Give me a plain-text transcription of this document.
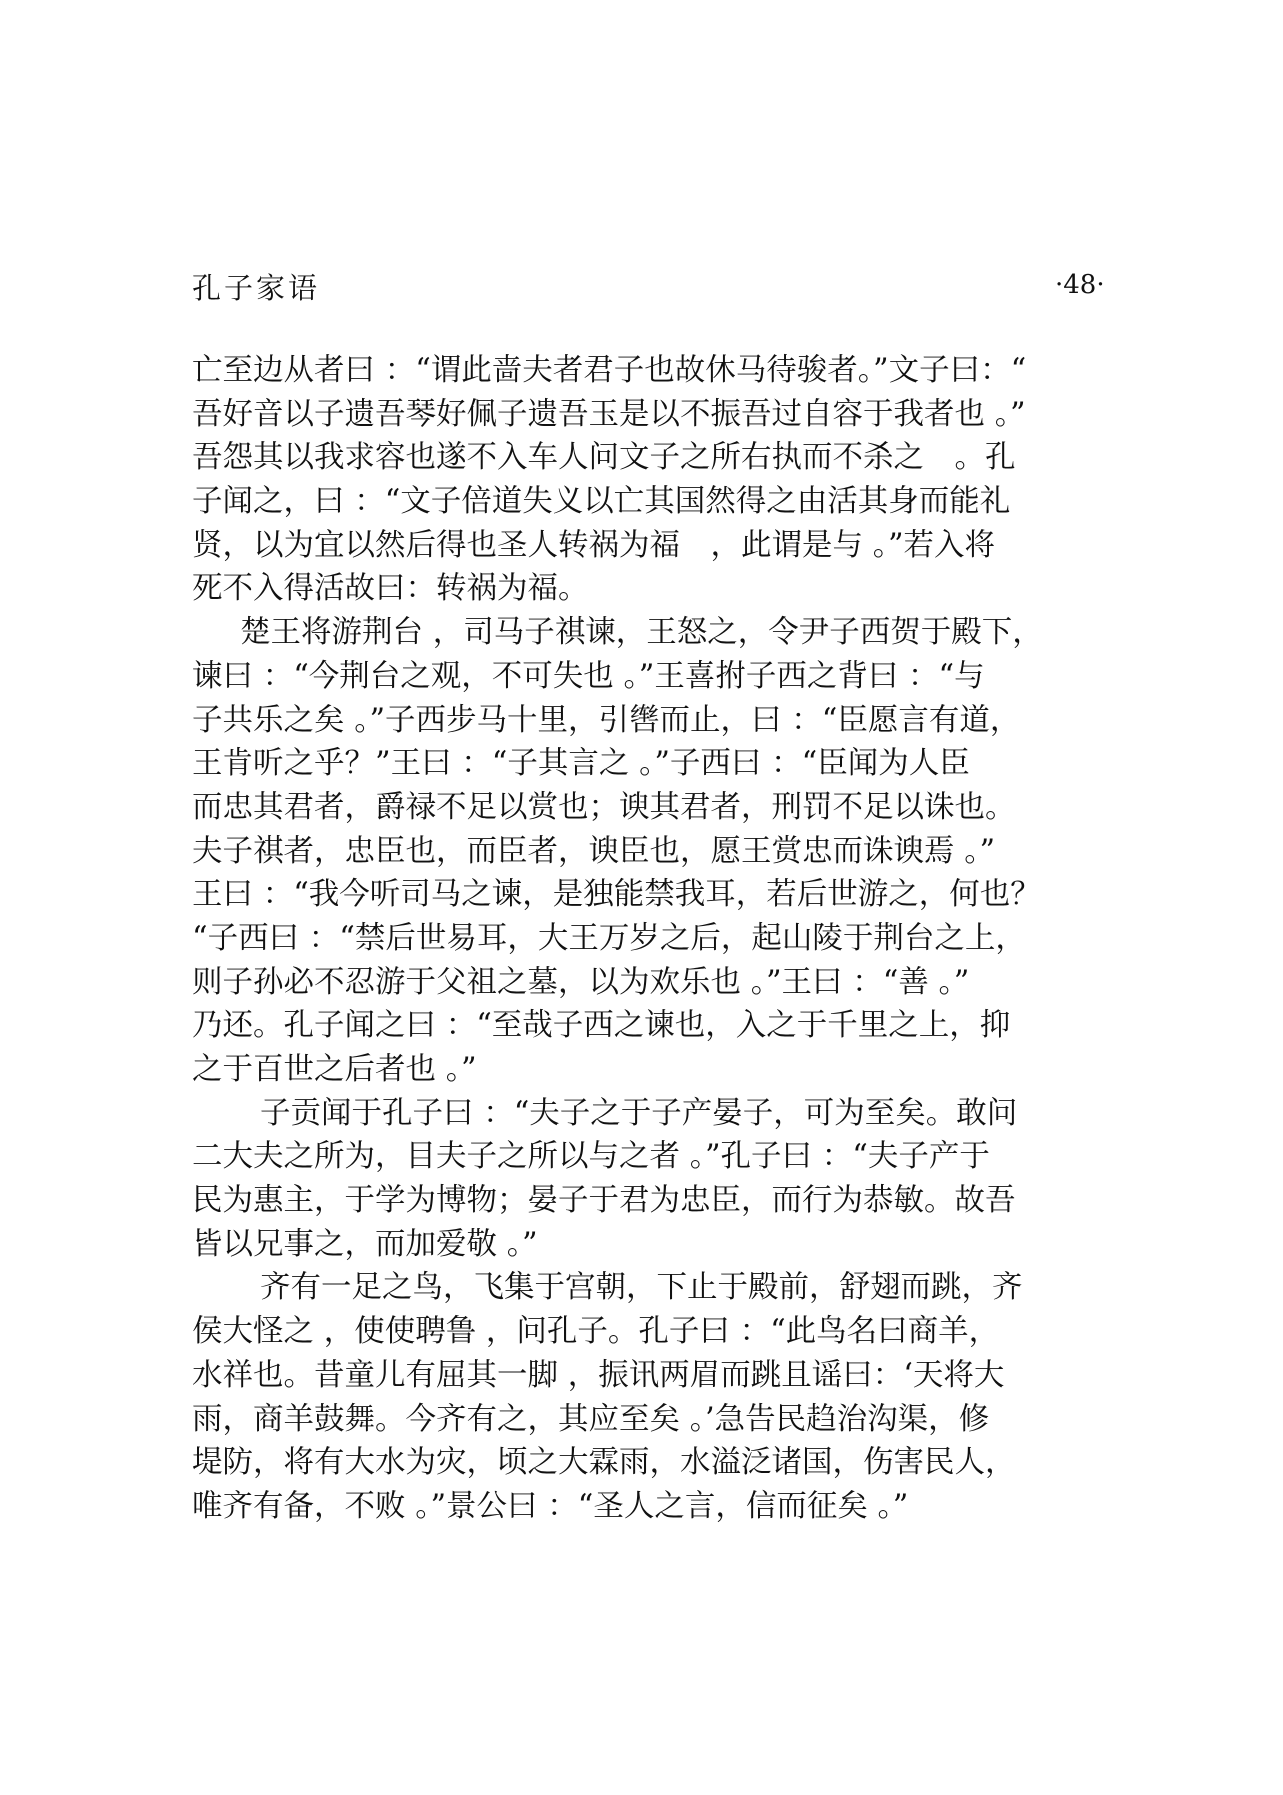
孔子家语	·48·
亡至边从者曰 ：“谓此啬夫者君子也故休马待骏者。”文子曰：“
吾好音以子遗吾琴好佩子遗吾玉是以不振吾过自容于我者也 。”
吾怨其以我求容也遂不入车人问文子之所右执而不杀之　。孔
子闻之，曰 ：“文子倍道失义以亡其国然得之由活其身而能礼
贤，以为宜以然后得也圣人转祸为福　，此谓是与 。”若入将
死不入得活故曰：转祸为福。
楚王将游荆台 ，司马子祺谏，王怒之，令尹子西贺于殿下，
谏曰 ：“今荆台之观，不可失也 。”王喜拊子西之背曰 ：“与
子共乐之矣 。”子西步马十里，引辔而止，曰 ：“臣愿言有道，
王肯听之乎？”王曰 ：“子其言之 。”子西曰 ：“臣闻为人臣
而忠其君者，爵禄不足以赏也；谀其君者，刑罚不足以诛也。
夫子祺者，忠臣也，而臣者，谀臣也，愿王赏忠而诛谀焉 。”
王曰 ：“我今听司马之谏，是独能禁我耳，若后世游之，何也？
“子西曰 ：“禁后世易耳，大王万岁之后，起山陵于荆台之上，
则子孙必不忍游于父祖之墓，以为欢乐也 。”王曰 ：“善 。”
乃还。孔子闻之曰 ：“至哉子西之谏也，入之于千里之上，抑
之于百世之后者也 。”
子贡闻于孔子曰 ：“夫子之于子产晏子，可为至矣。敢问
二大夫之所为，目夫子之所以与之者 。”孔子曰 ：“夫子产于
民为惠主，于学为博物；晏子于君为忠臣，而行为恭敏。故吾
皆以兄事之，而加爱敬 。”
齐有一足之鸟，飞集于宫朝，下止于殿前，舒翅而跳，齐
侯大怪之 ，使使聘鲁 ，问孔子。孔子曰 ：“此鸟名曰商羊，
水祥也。昔童儿有屈其一脚 ，振讯两眉而跳且谣曰：‘天将大
雨，商羊鼓舞。今齐有之，其应至矣 。’急告民趋治沟渠，修
堤防，将有大水为灾，顷之大霖雨，水溢泛诸国，伤害民人，
唯齐有备，不败 。”景公曰 ：“圣人之言，信而征矣 。”
